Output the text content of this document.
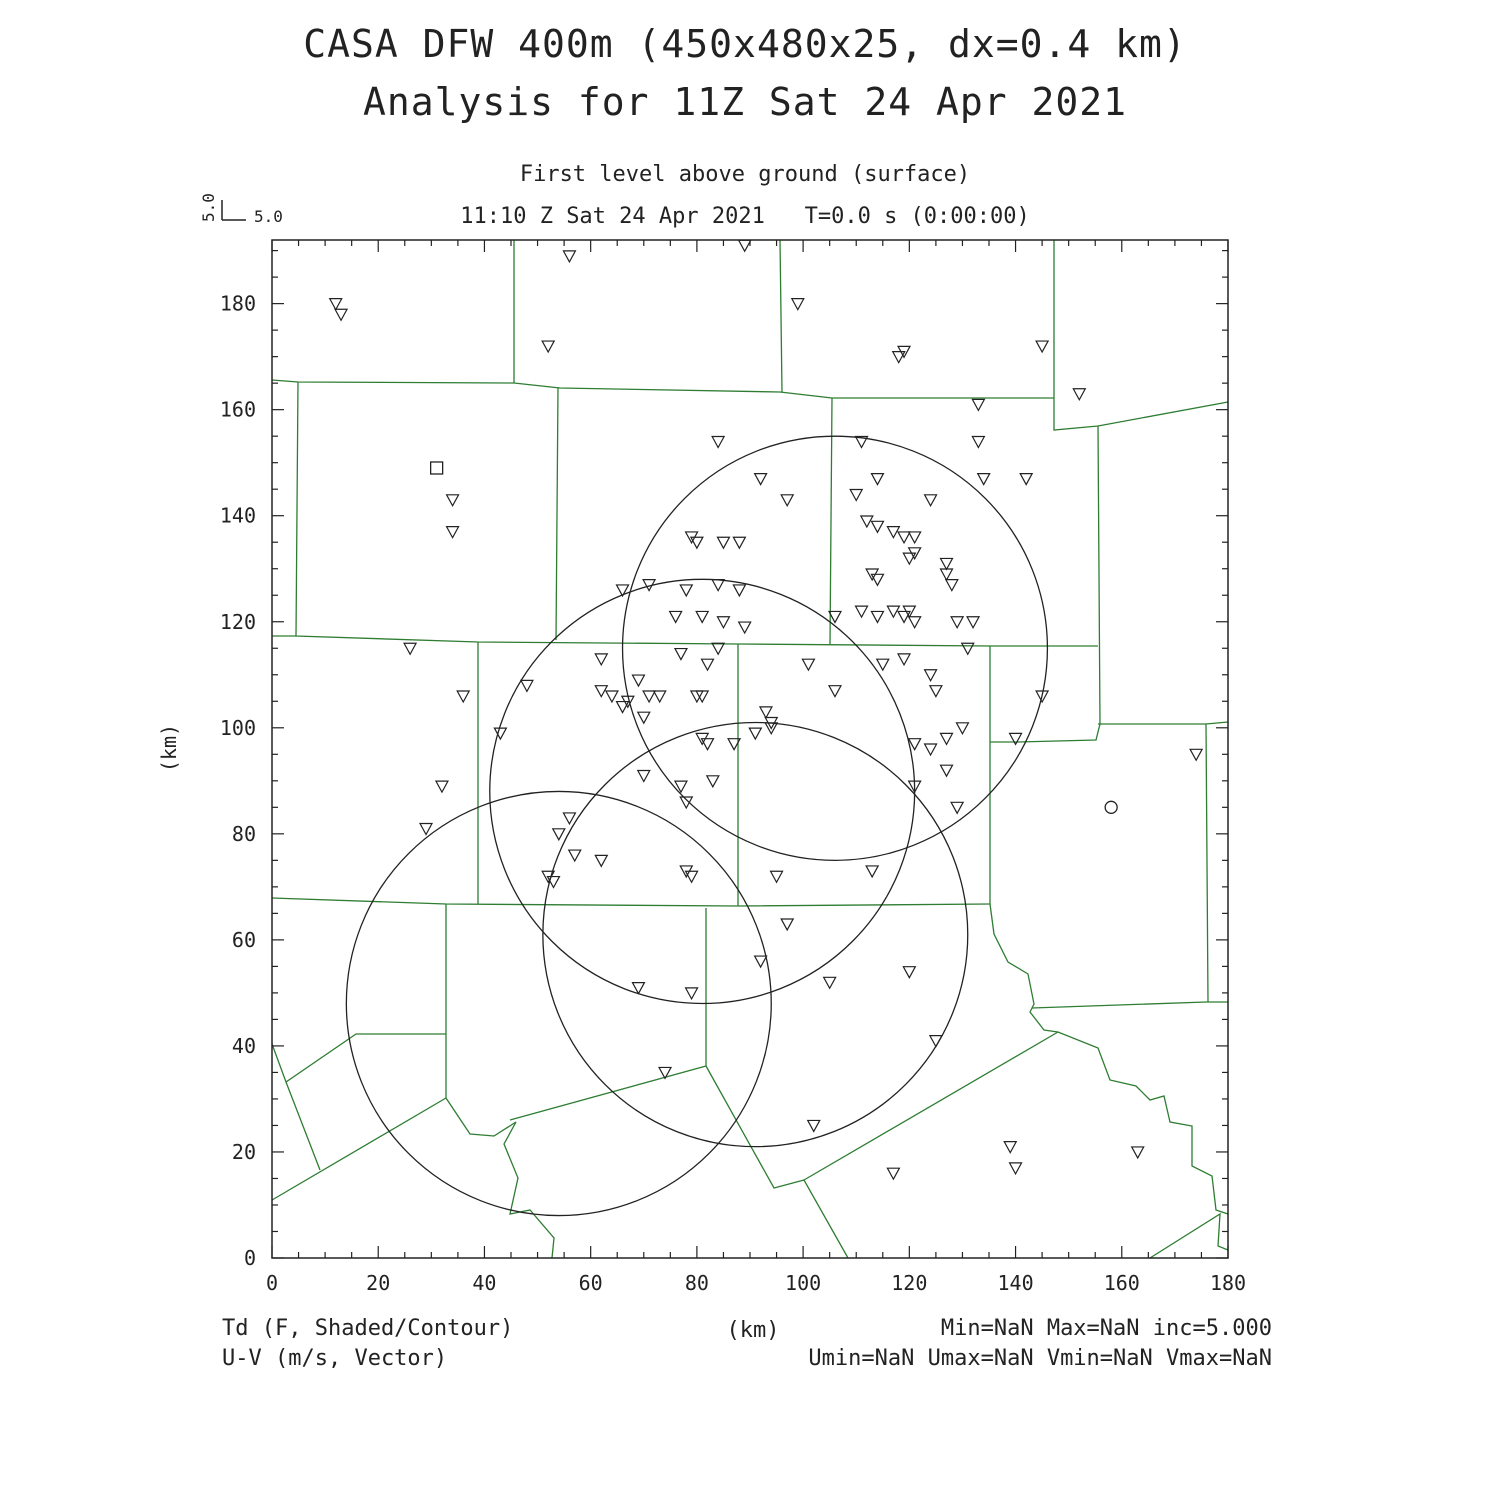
CASA DFW 400m (450x480x25, dx=0.4 km)
Analysis for 11Z Sat 24 Apr 2021
First level above ground (surface)
11:10 Z Sat 24 Apr 2021   T=0.0 s (0:00:00)
5.0
5.0
0	20	40	60	80	100	120	140	160	180
0
20
40
60
80
100
120
140
160
180
(km)
Td (F, Shaded/Contour)
U-V (m/s, Vector)
(km)	Min=NaN Max=NaN inc=5.000
Umin=NaN Umax=NaN Vmin=NaN Vmax=NaN
